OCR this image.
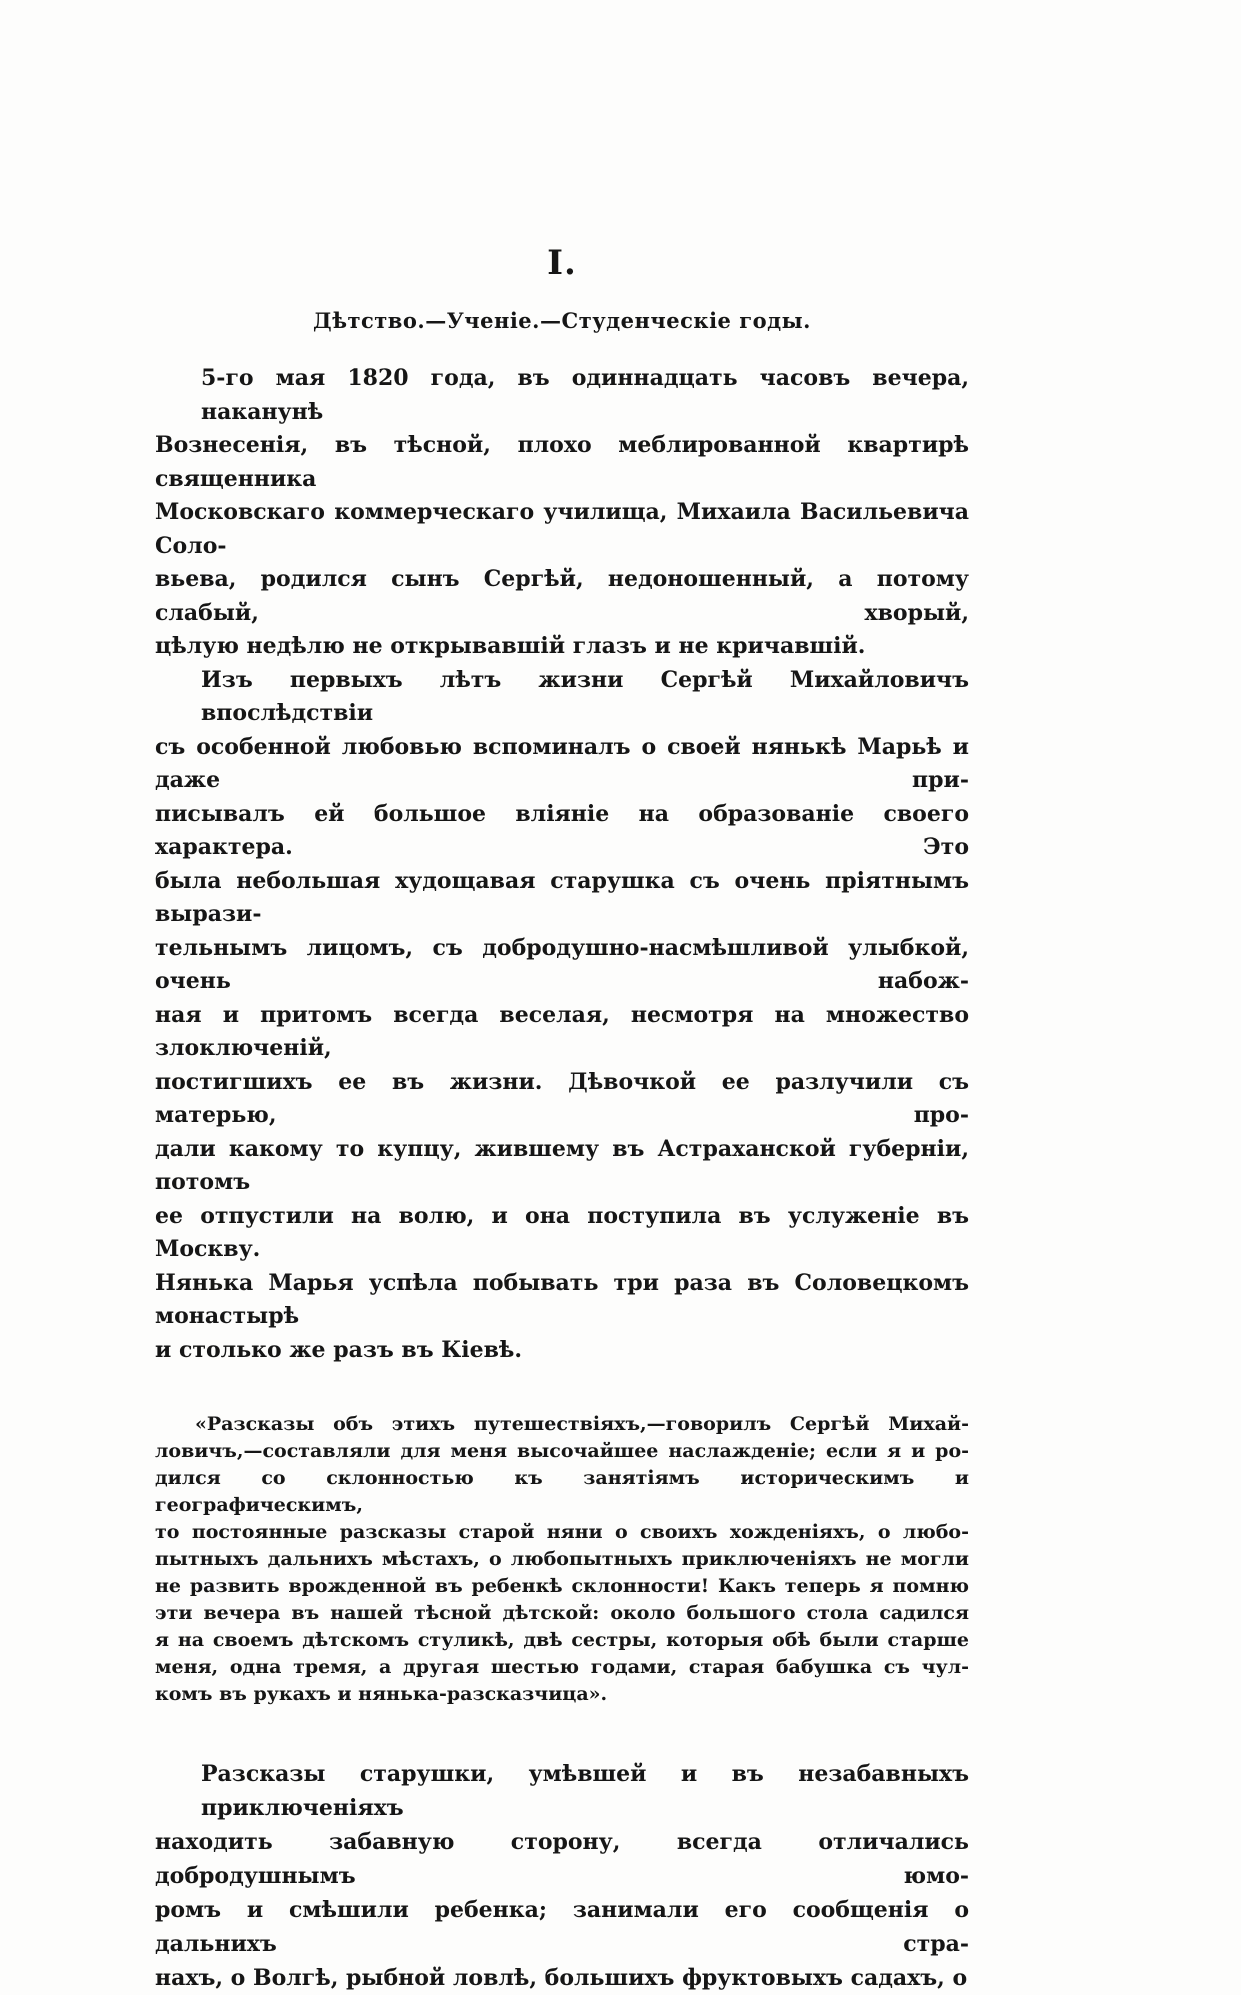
I.
Дѣтство.—Ученіе.—Студенческіе годы.
5-го мая 1820 года, въ одиннадцать часовъ вечера, наканунѣ
Вознесенія, въ тѣсной, плохо меблированной квартирѣ священника
Московскаго коммерческаго училища, Михаила Васильевича Соло-
вьева, родился сынъ Сергѣй, недоношенный, а потому слабый, хворый,
цѣлую недѣлю не открывавшій глазъ и не кричавшій.
Изъ первыхъ лѣтъ жизни Сергѣй Михайловичъ впослѣдствіи
съ особенной любовью вспоминалъ о своей нянькѣ Марьѣ и даже при-
писывалъ ей большое вліяніе на образованіе своего характера. Это
была небольшая худощавая старушка съ очень пріятнымъ вырази-
тельнымъ лицомъ, съ добродушно-насмѣшливой улыбкой, очень набож-
ная и притомъ всегда веселая, несмотря на множество злоключеній,
постигшихъ ее въ жизни. Дѣвочкой ее разлучили съ матерью, про-
дали какому то купцу, жившему въ Астраханской губерніи, потомъ
ее отпустили на волю, и она поступила въ услуженіе въ Москву.
Нянька Марья успѣла побывать три раза въ Соловецкомъ монастырѣ
и столько же разъ въ Кіевѣ.
«Разсказы объ этихъ путешествіяхъ,—говорилъ Сергѣй Михай-
ловичъ,—составляли для меня высочайшее наслажденіе; если я и ро-
дился со склонностью къ занятіямъ историческимъ и географическимъ,
то постоянные разсказы старой няни о своихъ хожденіяхъ, о любо-
пытныхъ дальнихъ мѣстахъ, о любопытныхъ приключеніяхъ не могли
не развить врожденной въ ребенкѣ склонности! Какъ теперь я помню
эти вечера въ нашей тѣсной дѣтской: около большого стола садился
я на своемъ дѣтскомъ стуликѣ, двѣ сестры, которыя обѣ были старше
меня, одна тремя, а другая шестью годами, старая бабушка съ чул-
комъ въ рукахъ и нянька-разсказчица».
Разсказы старушки, умѣвшей и въ незабавныхъ приключеніяхъ
находить забавную сторону, всегда отличались добродушнымъ юмо-
ромъ и смѣшили ребенка; занимали его сообщенія о дальнихъ стра-
нахъ, о Волгѣ, рыбной ловлѣ, большихъ фруктовыхъ садахъ, о
